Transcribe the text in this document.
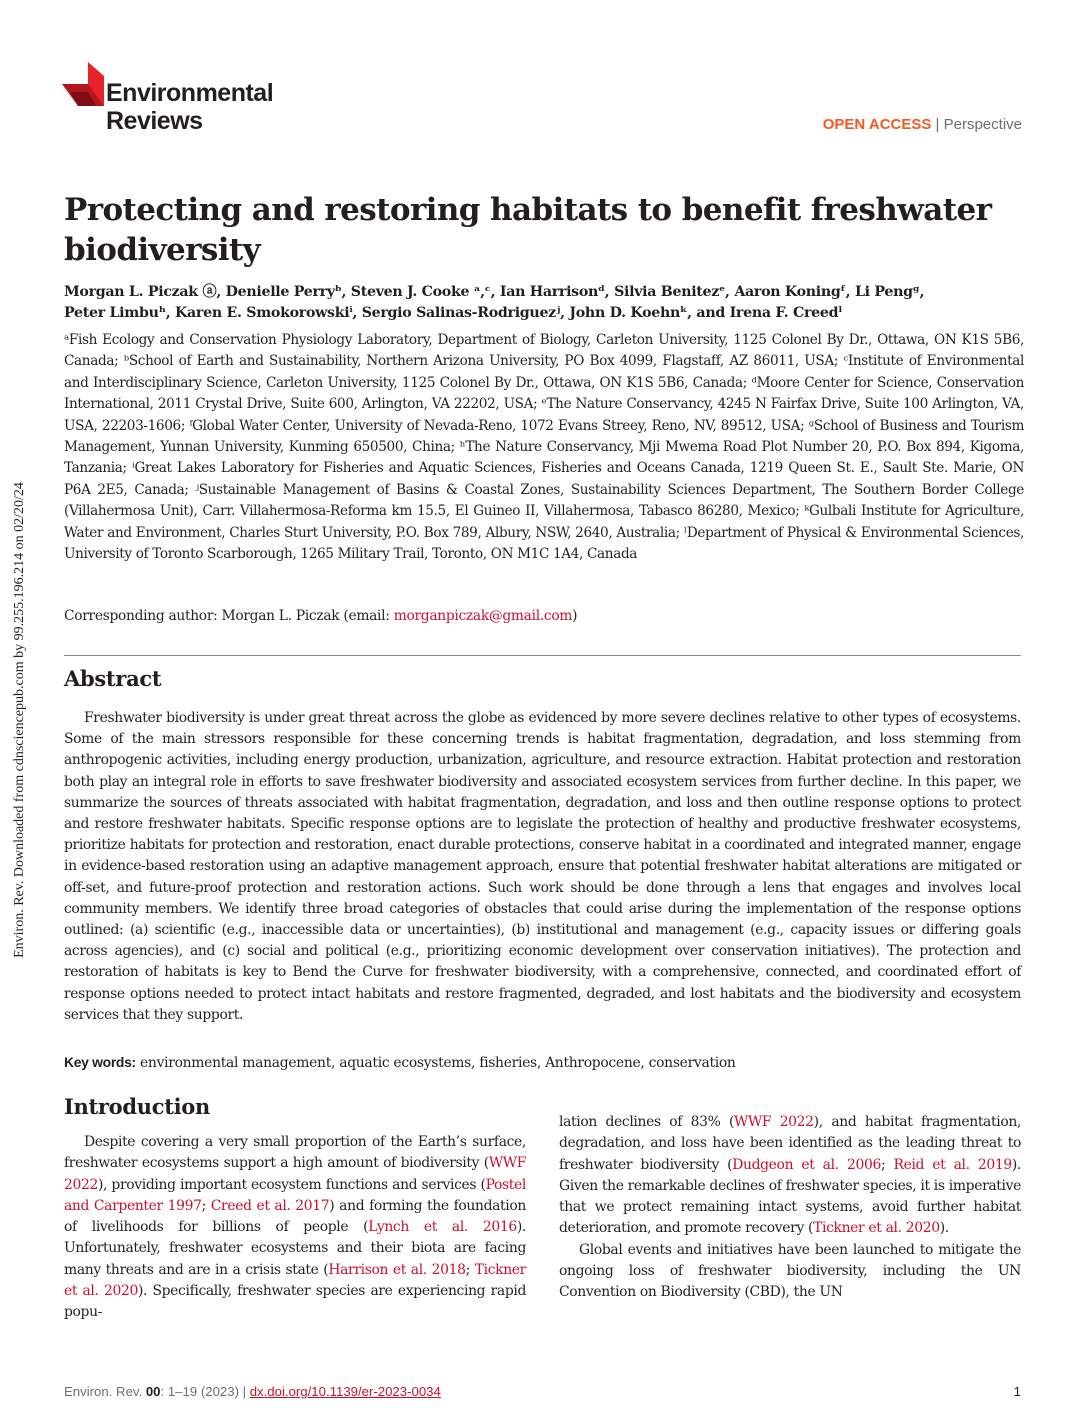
Environ. Rev. Downloaded from cdnsciencepub.com by 99.255.196.214 on 02/20/24
Environmental
Reviews	OPEN ACCESS | Perspective
Protecting and restoring habitats to benefit freshwater biodiversity
Morgan L. Piczak ⓐ, Denielle Perryᵇ, Steven J. Cooke ᵃ,ᶜ, Ian Harrisonᵈ, Silvia Benitezᵉ, Aaron Koningᶠ, Li Pengᵍ,
Peter Limbuʰ, Karen E. Smokorowskiⁱ, Sergio Salinas-Rodriguezʲ, John D. Koehnᵏ, and Irena F. Creedˡ
ᵃFish Ecology and Conservation Physiology Laboratory, Department of Biology, Carleton University, 1125 Colonel By Dr., Ottawa, ON K1S 5B6, Canada; ᵇSchool of Earth and Sustainability, Northern Arizona University, PO Box 4099, Flagstaff, AZ 86011, USA; ᶜInstitute of Environmental and Interdisciplinary Science, Carleton University, 1125 Colonel By Dr., Ottawa, ON K1S 5B6, Canada; ᵈMoore Center for Science, Conservation International, 2011 Crystal Drive, Suite 600, Arlington, VA 22202, USA; ᵉThe Nature Conservancy, 4245 N Fairfax Drive, Suite 100 Arlington, VA, USA, 22203-1606; ᶠGlobal Water Center, University of Nevada-Reno, 1072 Evans Streey, Reno, NV, 89512, USA; ᵍSchool of Business and Tourism Management, Yunnan University, Kunming 650500, China; ʰThe Nature Conservancy, Mji Mwema Road Plot Number 20, P.O. Box 894, Kigoma, Tanzania; ⁱGreat Lakes Laboratory for Fisheries and Aquatic Sciences, Fisheries and Oceans Canada, 1219 Queen St. E., Sault Ste. Marie, ON P6A 2E5, Canada; ʲSustainable Management of Basins & Coastal Zones, Sustainability Sciences Department, The Southern Border College (Villahermosa Unit), Carr. Villahermosa-Reforma km 15.5, El Guineo II, Villahermosa, Tabasco 86280, Mexico; ᵏGulbali Institute for Agriculture, Water and Environment, Charles Sturt University, P.O. Box 789, Albury, NSW, 2640, Australia; ˡDepartment of Physical & Environmental Sciences, University of Toronto Scarborough, 1265 Military Trail, Toronto, ON M1C 1A4, Canada
Corresponding author: Morgan L. Piczak (email: morganpiczak@gmail.com)
Abstract

Freshwater biodiversity is under great threat across the globe as evidenced by more severe declines relative to other types of ecosystems. Some of the main stressors responsible for these concerning trends is habitat fragmentation, degradation, and loss stemming from anthropogenic activities, including energy production, urbanization, agriculture, and resource extraction. Habitat protection and restoration both play an integral role in efforts to save freshwater biodiversity and associated ecosystem services from further decline. In this paper, we summarize the sources of threats associated with habitat fragmentation, degradation, and loss and then outline response options to protect and restore freshwater habitats. Specific response options are to legislate the protection of healthy and productive freshwater ecosystems, prioritize habitats for protection and restoration, enact durable protections, conserve habitat in a coordinated and integrated manner, engage in evidence-based restoration using an adaptive management approach, ensure that potential freshwater habitat alterations are mitigated or off-set, and future-proof protection and restoration actions. Such work should be done through a lens that engages and involves local community members. We identify three broad categories of obstacles that could arise during the implementation of the response options outlined: (a) scientific (e.g., inaccessible data or uncertainties), (b) institutional and management (e.g., capacity issues or differing goals across agencies), and (c) social and political (e.g., prioritizing economic development over conservation initiatives). The protection and restoration of habitats is key to Bend the Curve for freshwater biodiversity, with a comprehensive, connected, and coordinated effort of response options needed to protect intact habitats and restore fragmented, degraded, and lost habitats and the biodiversity and ecosystem services that they support.

Key words: environmental management, aquatic ecosystems, fisheries, Anthropocene, conservation
Introduction

Despite covering a very small proportion of the Earth’s surface, freshwater ecosystems support a high amount of biodiversity (WWF 2022), providing important ecosystem functions and services (Postel and Carpenter 1997; Creed et al. 2017) and forming the foundation of livelihoods for billions of people (Lynch et al. 2016). Unfortunately, freshwater ecosystems and their biota are facing many threats and are in a crisis state (Harrison et al. 2018; Tickner et al. 2020). Specifically, freshwater species are experiencing rapid popu-

lation declines of 83% (WWF 2022), and habitat fragmentation, degradation, and loss have been identified as the leading threat to freshwater biodiversity (Dudgeon et al. 2006; Reid et al. 2019). Given the remarkable declines of freshwater species, it is imperative that we protect remaining intact systems, avoid further habitat deterioration, and promote recovery (Tickner et al. 2020).

Global events and initiatives have been launched to mitigate the ongoing loss of freshwater biodiversity, including the UN Convention on Biodiversity (CBD), the UN

Environ. Rev. 00: 1–19 (2023) | dx.doi.org/10.1139/er-2023-0034	1
